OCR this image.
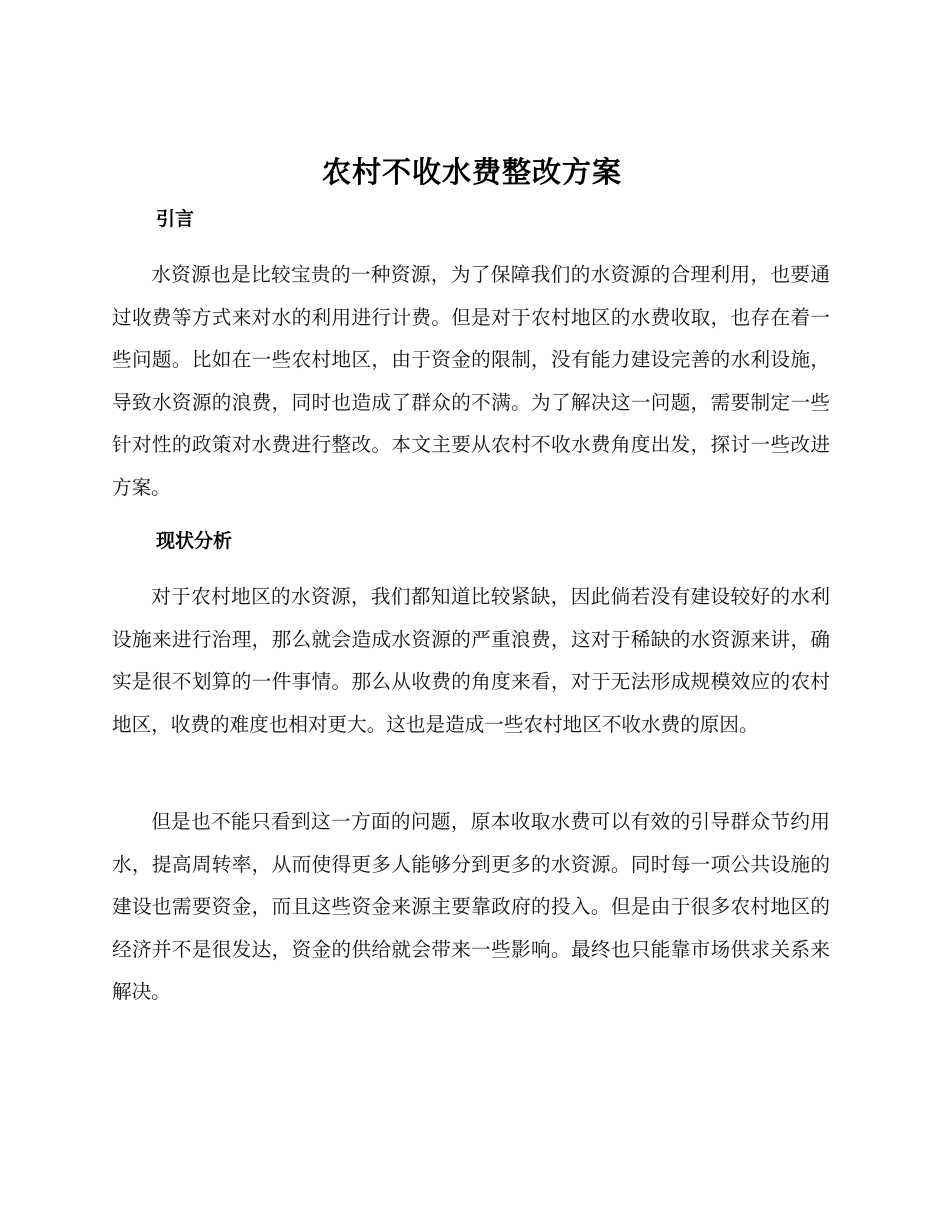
农村不收水费整改方案
引言

水资源也是比较宝贵的一种资源，为了保障我们的水资源的合理利用，也要通过收费等方式来对水的利用进行计费。但是对于农村地区的水费收取，也存在着一些问题。比如在一些农村地区，由于资金的限制，没有能力建设完善的水利设施，导致水资源的浪费，同时也造成了群众的不满。为了解决这一问题，需要制定一些针对性的政策对水费进行整改。本文主要从农村不收水费角度出发，探讨一些改进方案。

现状分析

对于农村地区的水资源，我们都知道比较紧缺，因此倘若没有建设较好的水利设施来进行治理，那么就会造成水资源的严重浪费，这对于稀缺的水资源来讲，确实是很不划算的一件事情。那么从收费的角度来看，对于无法形成规模效应的农村地区，收费的难度也相对更大。这也是造成一些农村地区不收水费的原因。

但是也不能只看到这一方面的问题，原本收取水费可以有效的引导群众节约用水，提高周转率，从而使得更多人能够分到更多的水资源。同时每一项公共设施的建设也需要资金，而且这些资金来源主要靠政府的投入。但是由于很多农村地区的经济并不是很发达，资金的供给就会带来一些影响。最终也只能靠市场供求关系来解决。
